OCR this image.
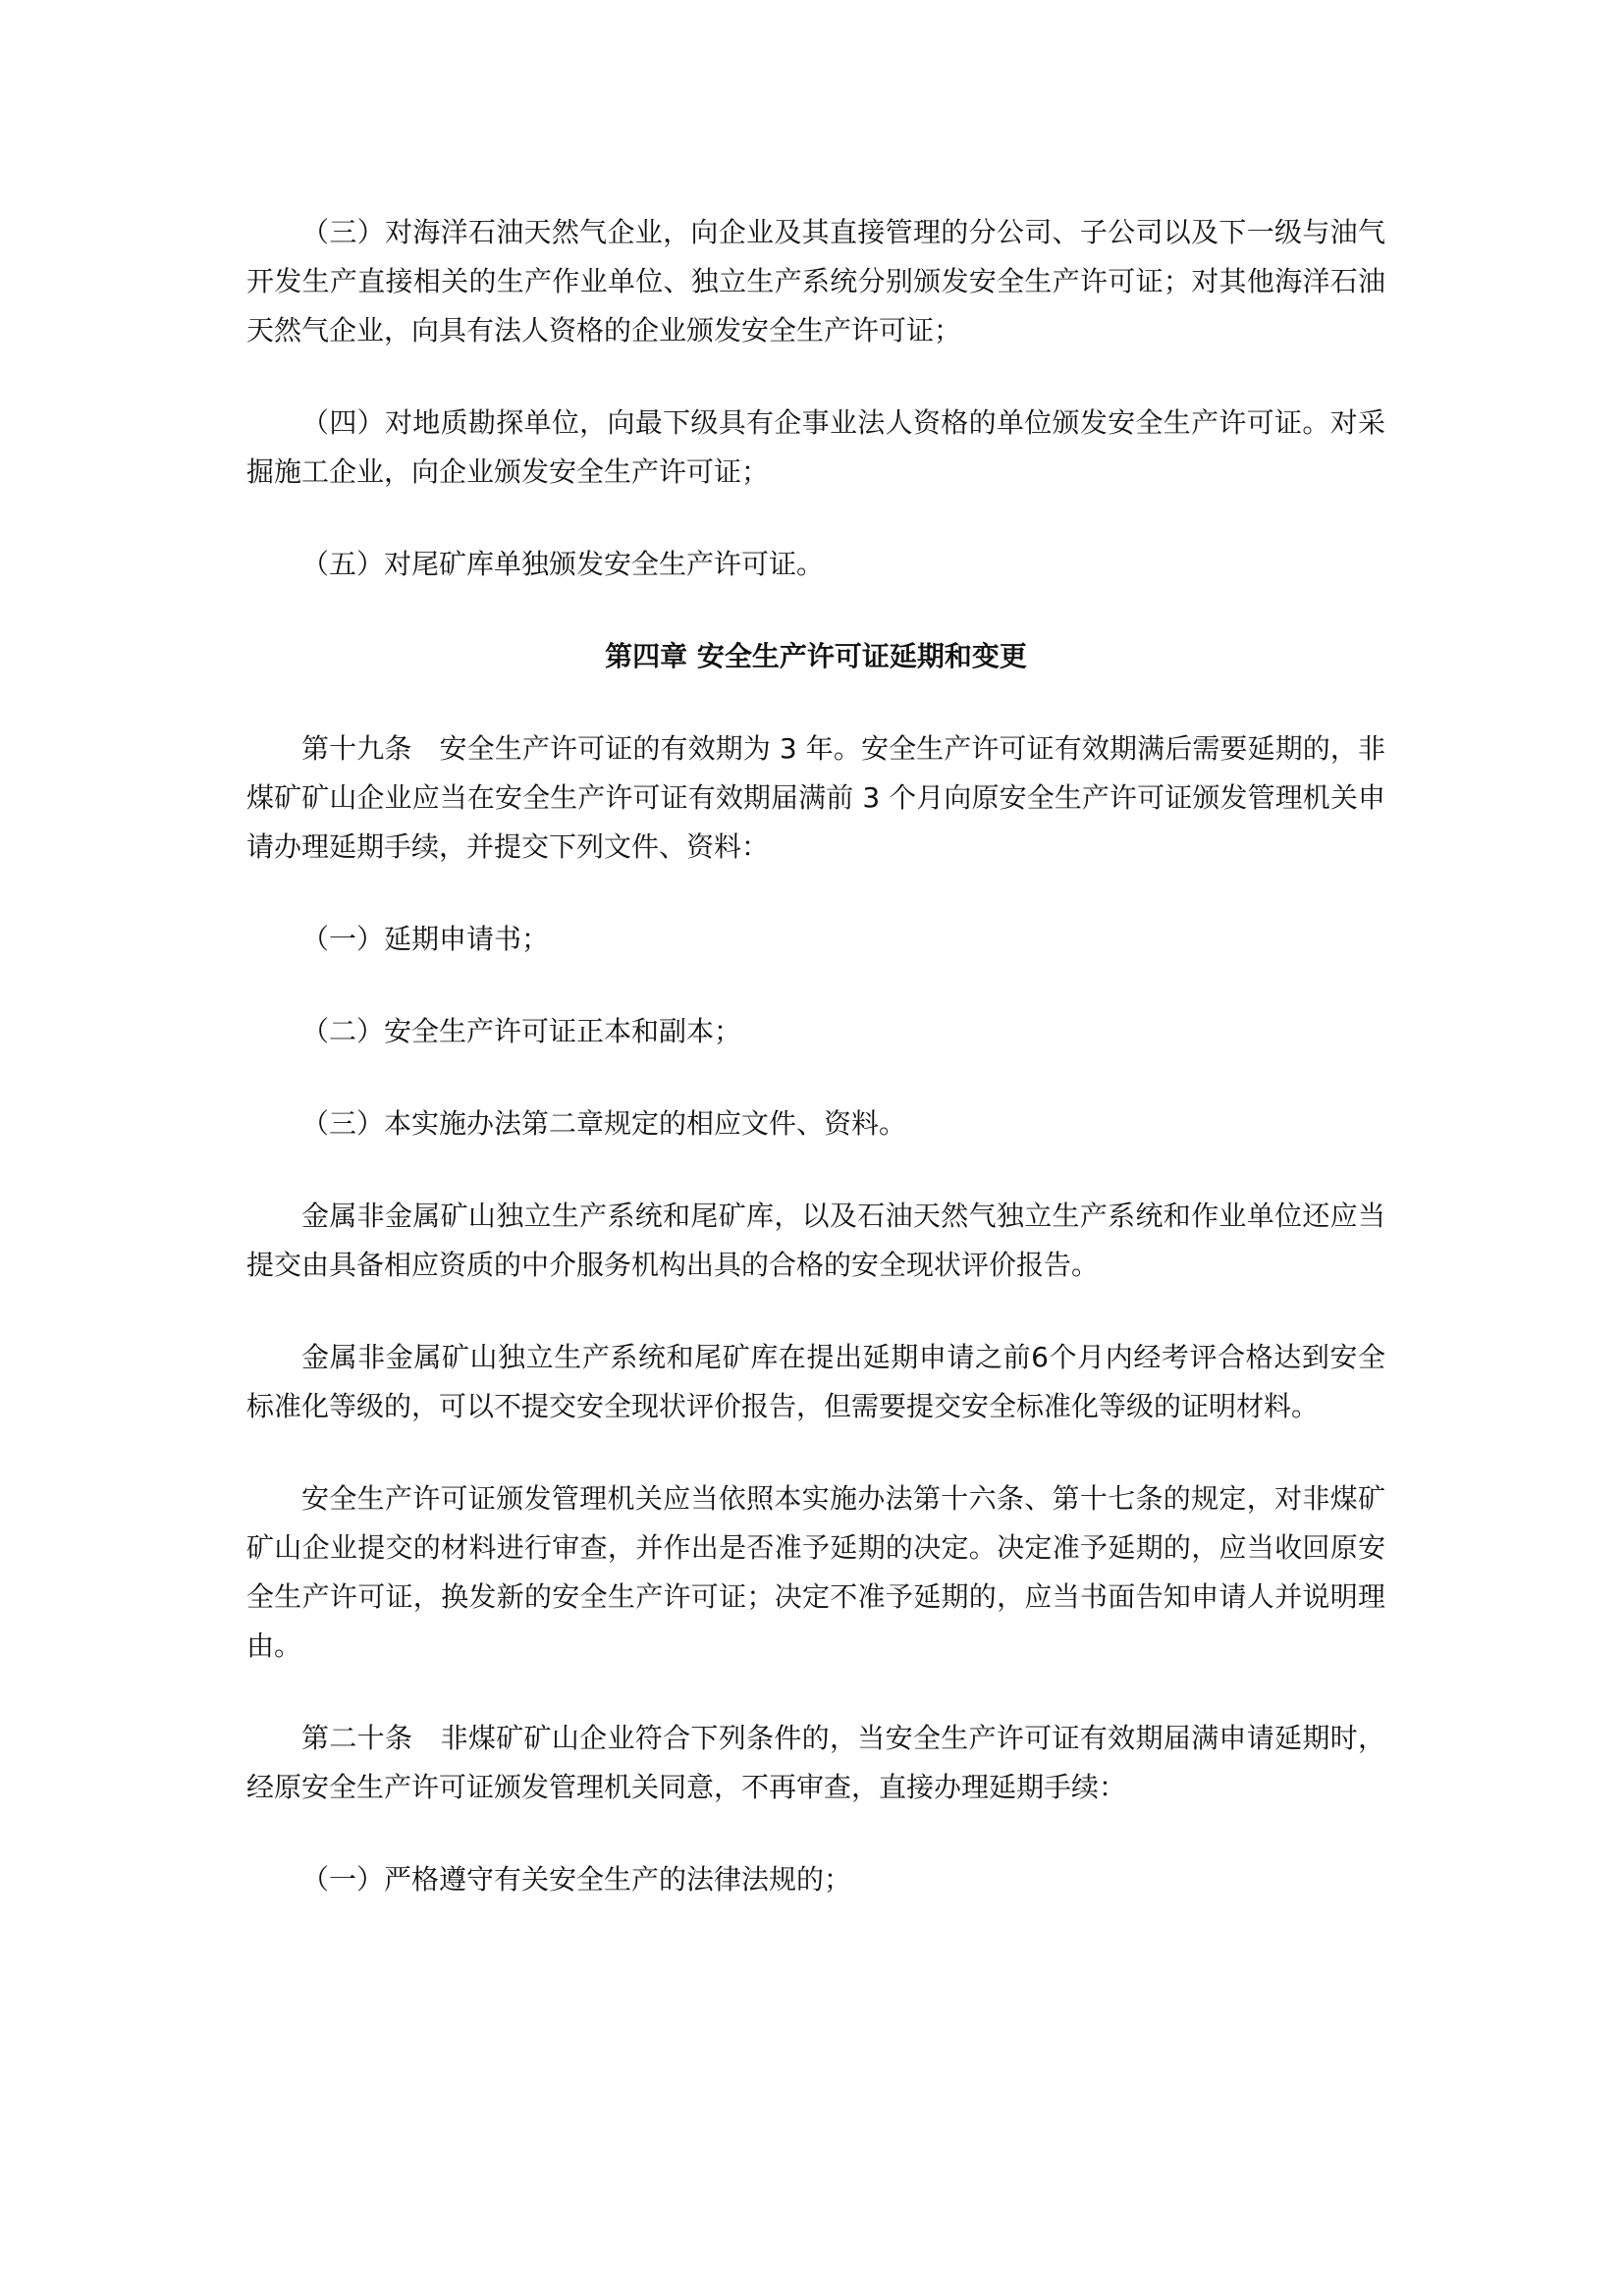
（三）对海洋石油天然气企业，向企业及其直接管理的分公司、子公司以及下一级与油气开发生产直接相关的生产作业单位、独立生产系统分别颁发安全生产许可证；对其他海洋石油天然气企业，向具有法人资格的企业颁发安全生产许可证；

（四）对地质勘探单位，向最下级具有企事业法人资格的单位颁发安全生产许可证。对采掘施工企业，向企业颁发安全生产许可证；

（五）对尾矿库单独颁发安全生产许可证。

第四章 安全生产许可证延期和变更

第十九条　安全生产许可证的有效期为 3 年。安全生产许可证有效期满后需要延期的，非煤矿矿山企业应当在安全生产许可证有效期届满前 3 个月向原安全生产许可证颁发管理机关申请办理延期手续，并提交下列文件、资料：

（一）延期申请书；

（二）安全生产许可证正本和副本；

（三）本实施办法第二章规定的相应文件、资料。

金属非金属矿山独立生产系统和尾矿库，以及石油天然气独立生产系统和作业单位还应当提交由具备相应资质的中介服务机构出具的合格的安全现状评价报告。

金属非金属矿山独立生产系统和尾矿库在提出延期申请之前6个月内经考评合格达到安全标准化等级的，可以不提交安全现状评价报告，但需要提交安全标准化等级的证明材料。

安全生产许可证颁发管理机关应当依照本实施办法第十六条、第十七条的规定，对非煤矿矿山企业提交的材料进行审查，并作出是否准予延期的决定。决定准予延期的，应当收回原安全生产许可证，换发新的安全生产许可证；决定不准予延期的，应当书面告知申请人并说明理由。

第二十条　非煤矿矿山企业符合下列条件的，当安全生产许可证有效期届满申请延期时，经原安全生产许可证颁发管理机关同意，不再审查，直接办理延期手续：

（一）严格遵守有关安全生产的法律法规的；
